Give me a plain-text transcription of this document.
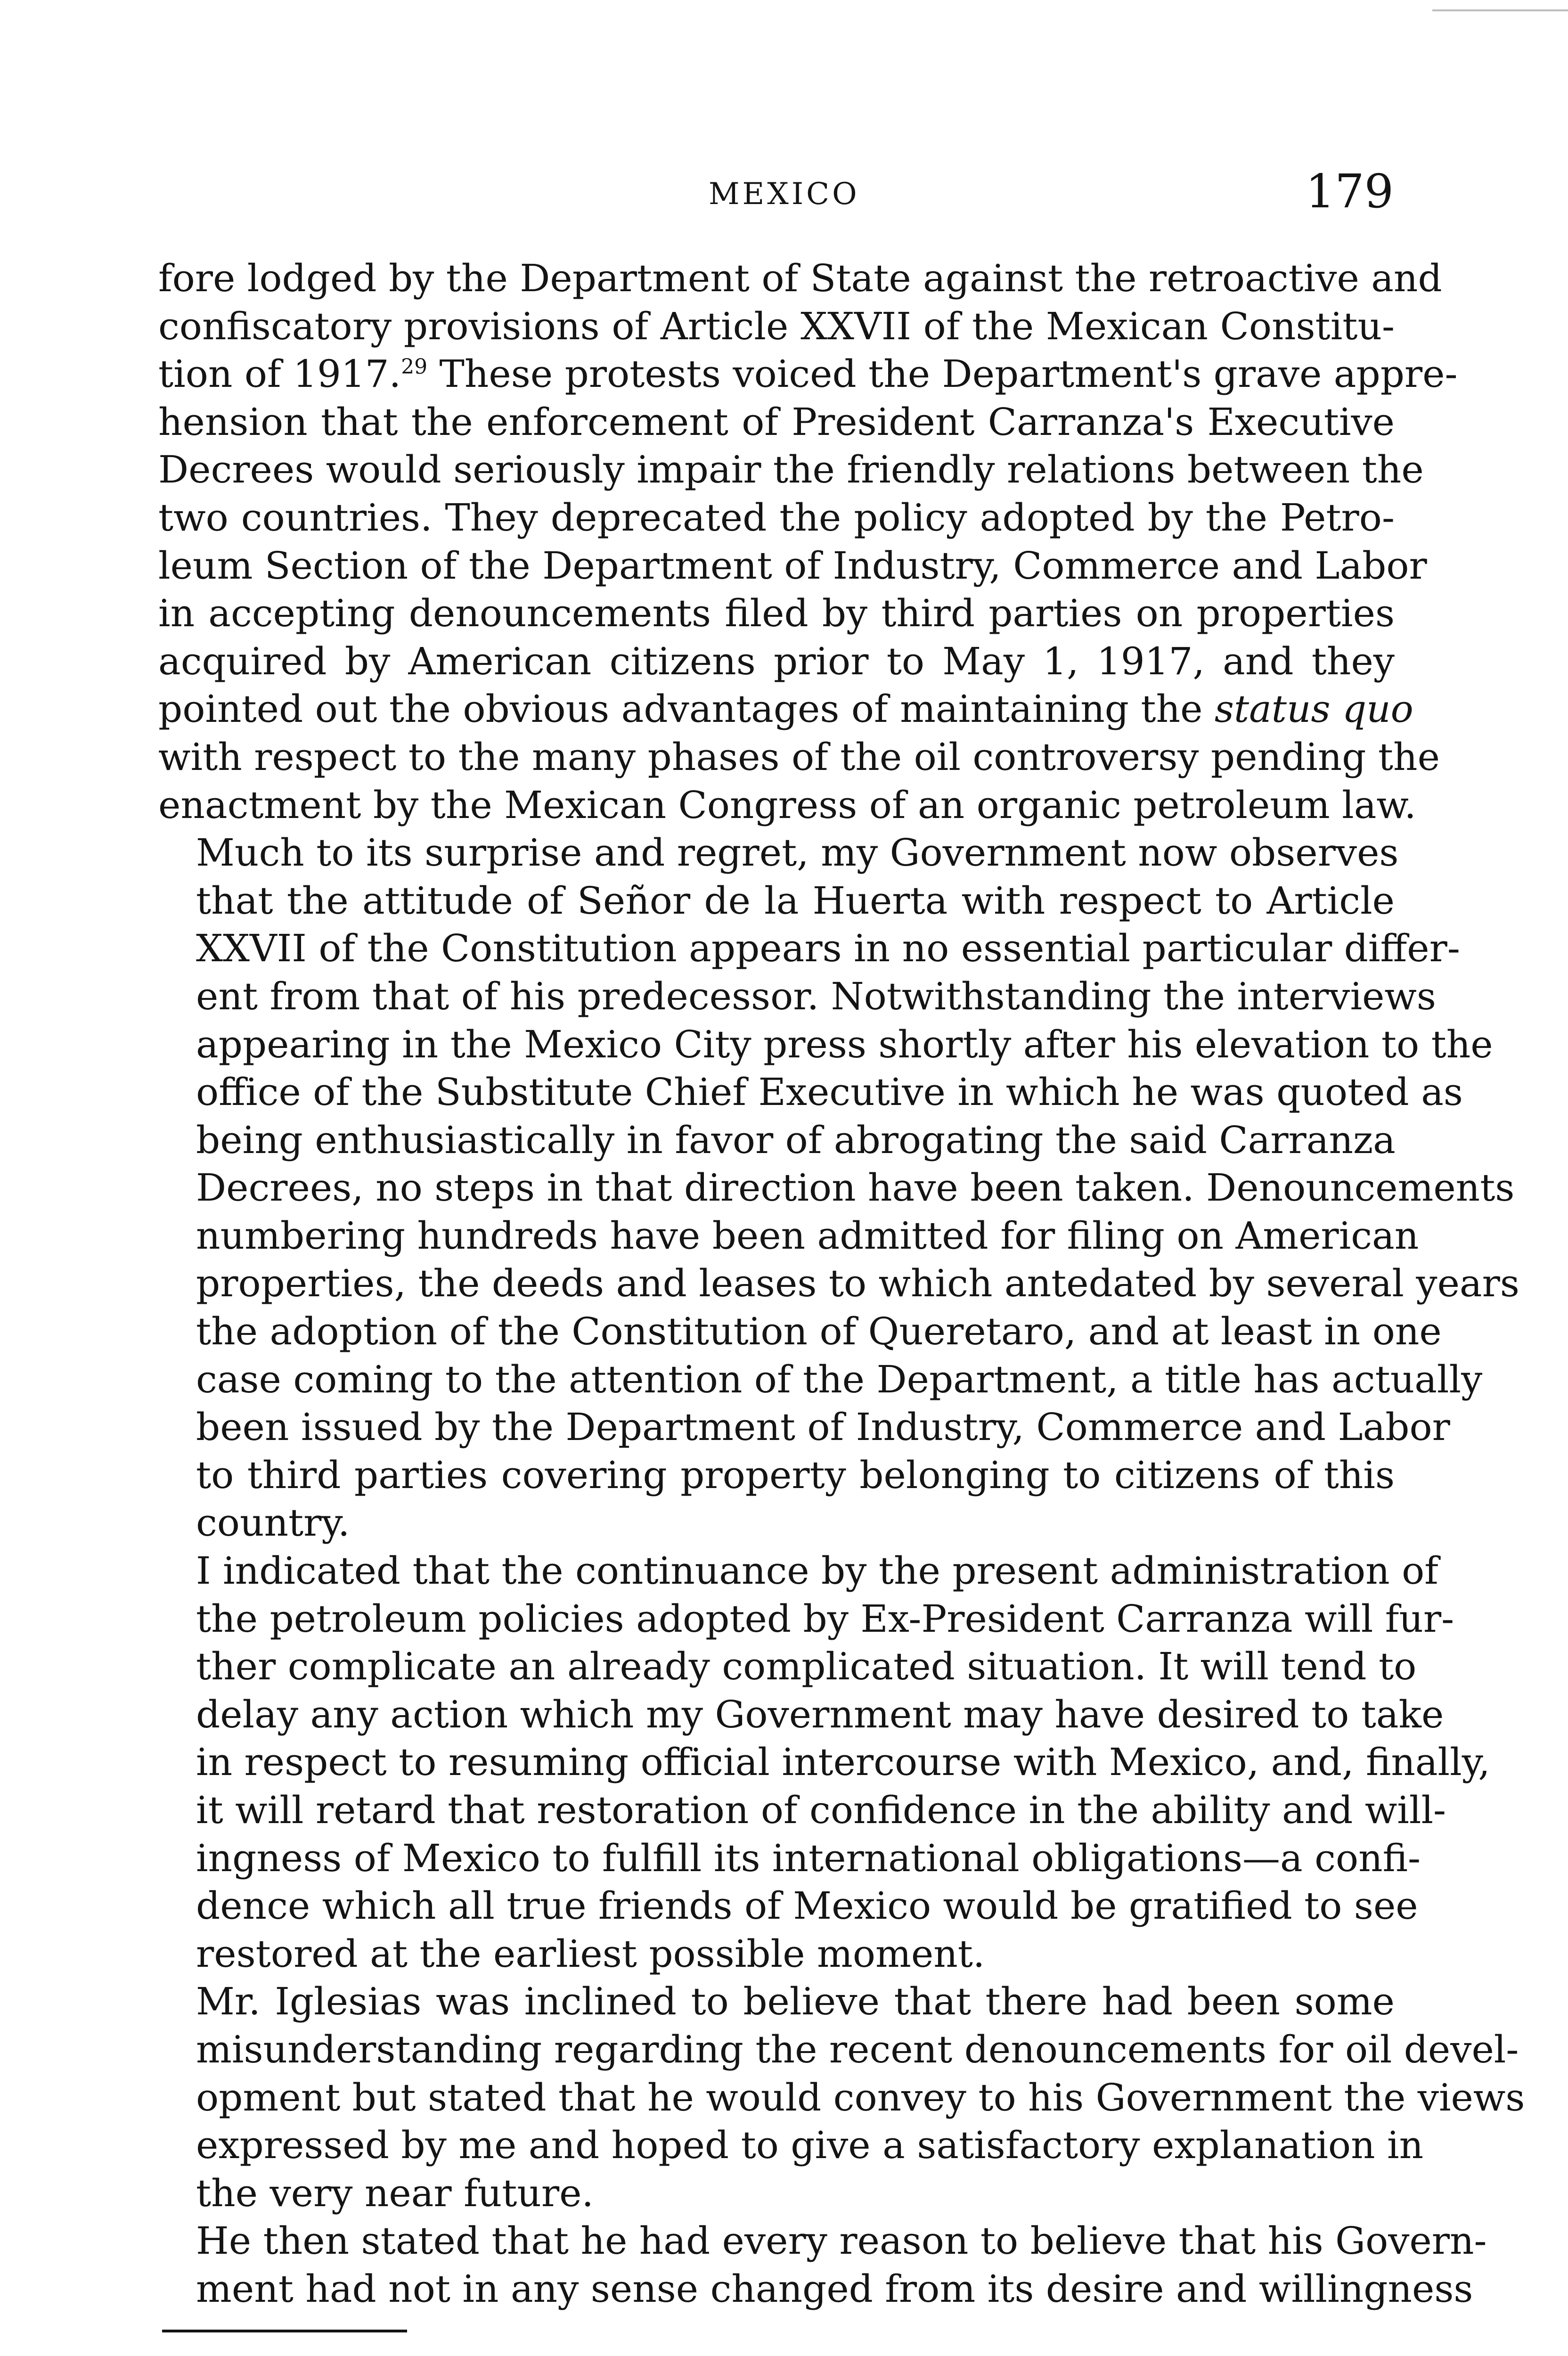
MEXICO	179

fore lodged by the Department of State against the retroactive and
confiscatory provisions of Article XXVII of the Mexican Constitu-
tion of 1917.29 These protests voiced the Department's grave appre-
hension that the enforcement of President Carranza's Executive
Decrees would seriously impair the friendly relations between the
two countries. They deprecated the policy adopted by the Petro-
leum Section of the Department of Industry, Commerce and Labor
in accepting denouncements filed by third parties on properties
acquired by American citizens prior to May 1, 1917, and they
pointed out the obvious advantages of maintaining the status quo
with respect to the many phases of the oil controversy pending the
enactment by the Mexican Congress of an organic petroleum law.

Much to its surprise and regret, my Government now observes
that the attitude of Señor de la Huerta with respect to Article
XXVII of the Constitution appears in no essential particular differ-
ent from that of his predecessor. Notwithstanding the interviews
appearing in the Mexico City press shortly after his elevation to the
office of the Substitute Chief Executive in which he was quoted as
being enthusiastically in favor of abrogating the said Carranza
Decrees, no steps in that direction have been taken. Denouncements
numbering hundreds have been admitted for filing on American
properties, the deeds and leases to which antedated by several years
the adoption of the Constitution of Queretaro, and at least in one
case coming to the attention of the Department, a title has actually
been issued by the Department of Industry, Commerce and Labor
to third parties covering property belonging to citizens of this
country.

I indicated that the continuance by the present administration of
the petroleum policies adopted by Ex-President Carranza will fur-
ther complicate an already complicated situation. It will tend to
delay any action which my Government may have desired to take
in respect to resuming official intercourse with Mexico, and, finally,
it will retard that restoration of confidence in the ability and will-
ingness of Mexico to fulfill its international obligations—a confi-
dence which all true friends of Mexico would be gratified to see
restored at the earliest possible moment.

Mr. Iglesias was inclined to believe that there had been some
misunderstanding regarding the recent denouncements for oil devel-
opment but stated that he would convey to his Government the views
expressed by me and hoped to give a satisfactory explanation in
the very near future.

He then stated that he had every reason to believe that his Govern-
ment had not in any sense changed from its desire and willingness
